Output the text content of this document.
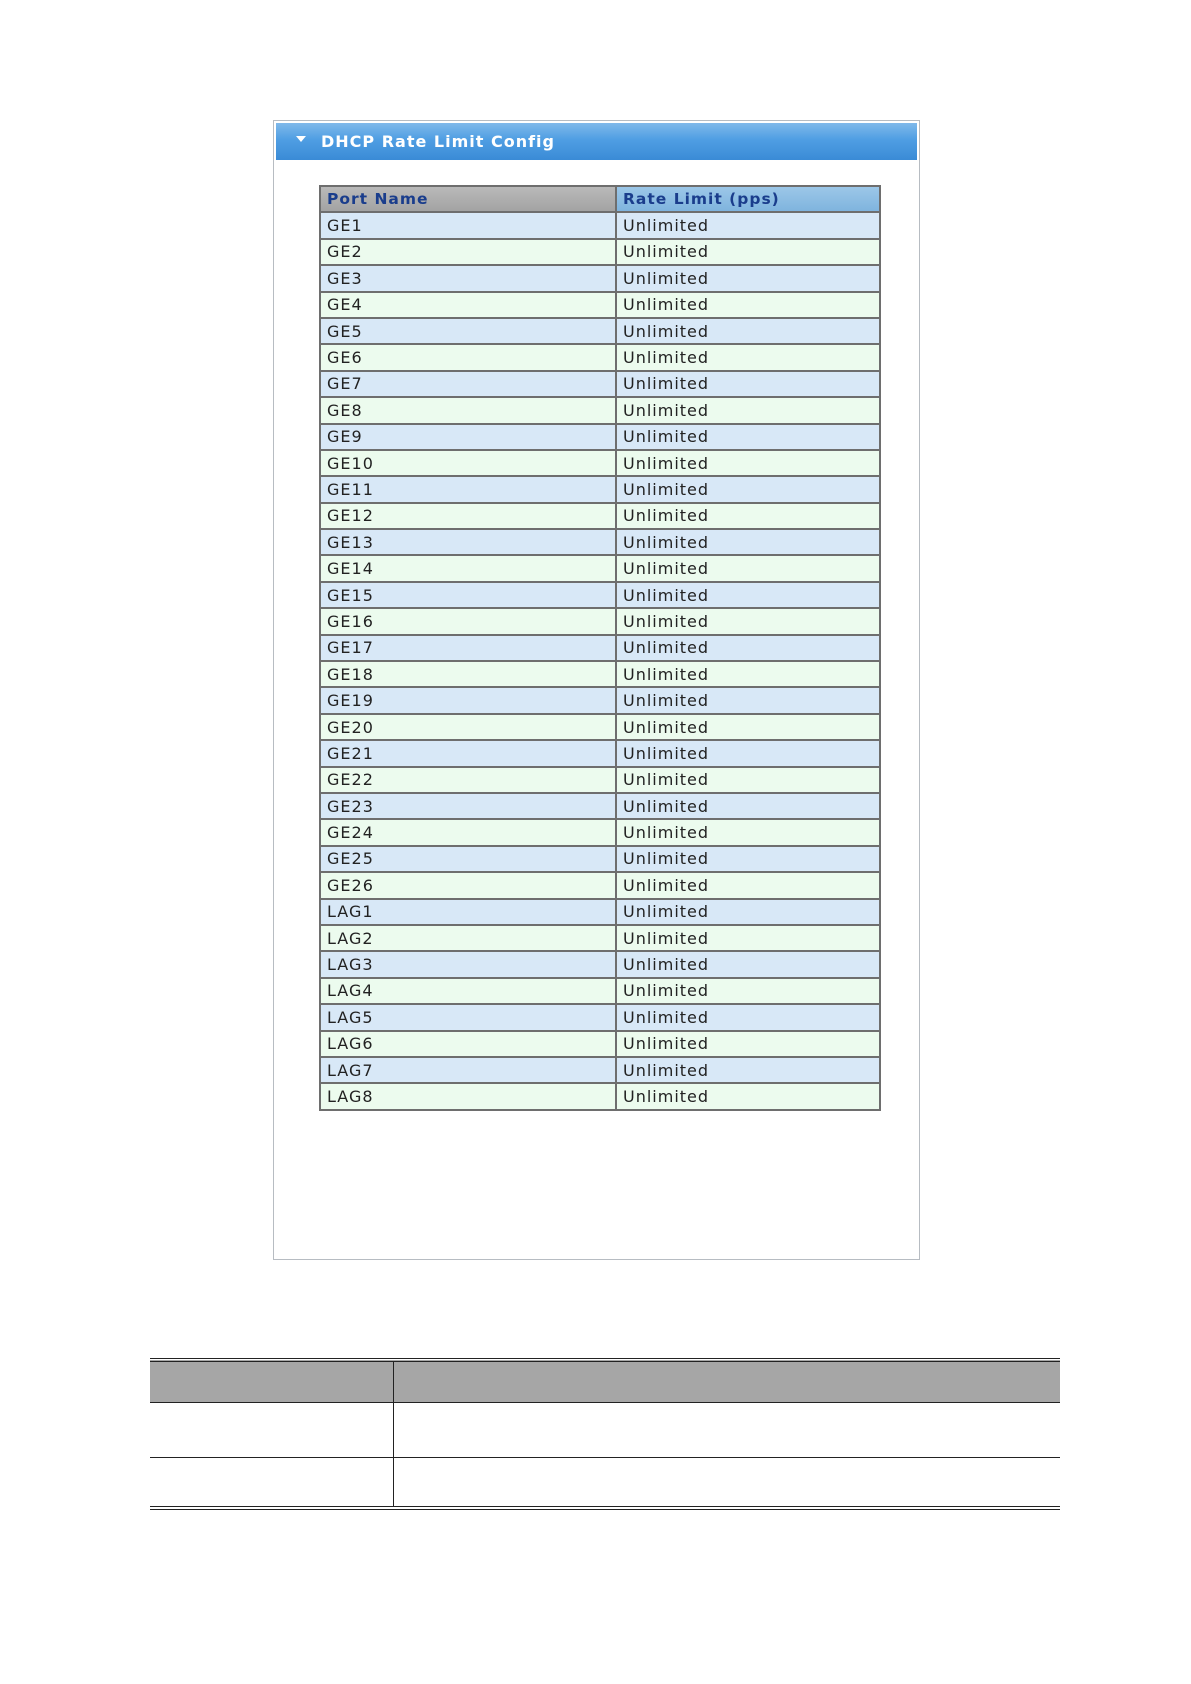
DHCP Rate Limit Config
Port Name	Rate Limit (pps)
GE1	Unlimited
GE2	Unlimited
GE3	Unlimited
GE4	Unlimited
GE5	Unlimited
GE6	Unlimited
GE7	Unlimited
GE8	Unlimited
GE9	Unlimited
GE10	Unlimited
GE11	Unlimited
GE12	Unlimited
GE13	Unlimited
GE14	Unlimited
GE15	Unlimited
GE16	Unlimited
GE17	Unlimited
GE18	Unlimited
GE19	Unlimited
GE20	Unlimited
GE21	Unlimited
GE22	Unlimited
GE23	Unlimited
GE24	Unlimited
GE25	Unlimited
GE26	Unlimited
LAG1	Unlimited
LAG2	Unlimited
LAG3	Unlimited
LAG4	Unlimited
LAG5	Unlimited
LAG6	Unlimited
LAG7	Unlimited
LAG8	Unlimited
